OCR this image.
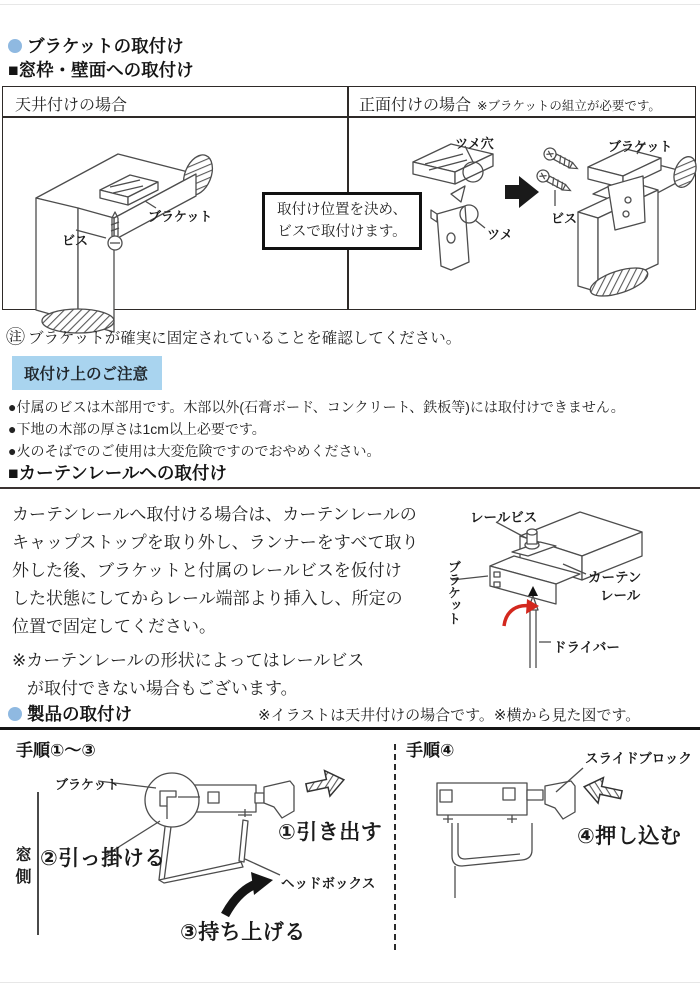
ブラケットの取付け
■窓枠・壁面への取付け
天井付けの場合	正面付けの場合 ※ブラケットの組立が必要です。
ブラケット
ビス
取付け位置を決め、
ビスで取付けます。
ツメ穴
ツメ
ブラケット
ビス
㊟ ブラケットが確実に固定されていることを確認してください。
取付け上のご注意
●付属のビスは木部用です。木部以外(石膏ボード、コンクリート、鉄板等)には取付けできません。
●下地の木部の厚さは1cm以上必要です。
●火のそばでのご使用は大変危険ですのでおやめください。
■カーテンレールへの取付け
カーテンレールへ取付ける場合は、カーテンレールの
キャップストップを取り外し、ランナーをすべて取り
外した後、ブラケットと付属のレールビスを仮付け
した状態にしてからレール端部より挿入し、所定の
位置で固定してください。
※カーテンレールの形状によってはレールビス
が取付できない場合もございます。
レールビス
カーテン
レール
ブラケット
ドライバー
製品の取付け	※イラストは天井付けの場合です。※横から見た図です。
手順①〜③	手順④
窓側
ブラケット
①引き出す
②引っ掛ける
ヘッドボックス
③持ち上げる
スライドブロック
④押し込む
